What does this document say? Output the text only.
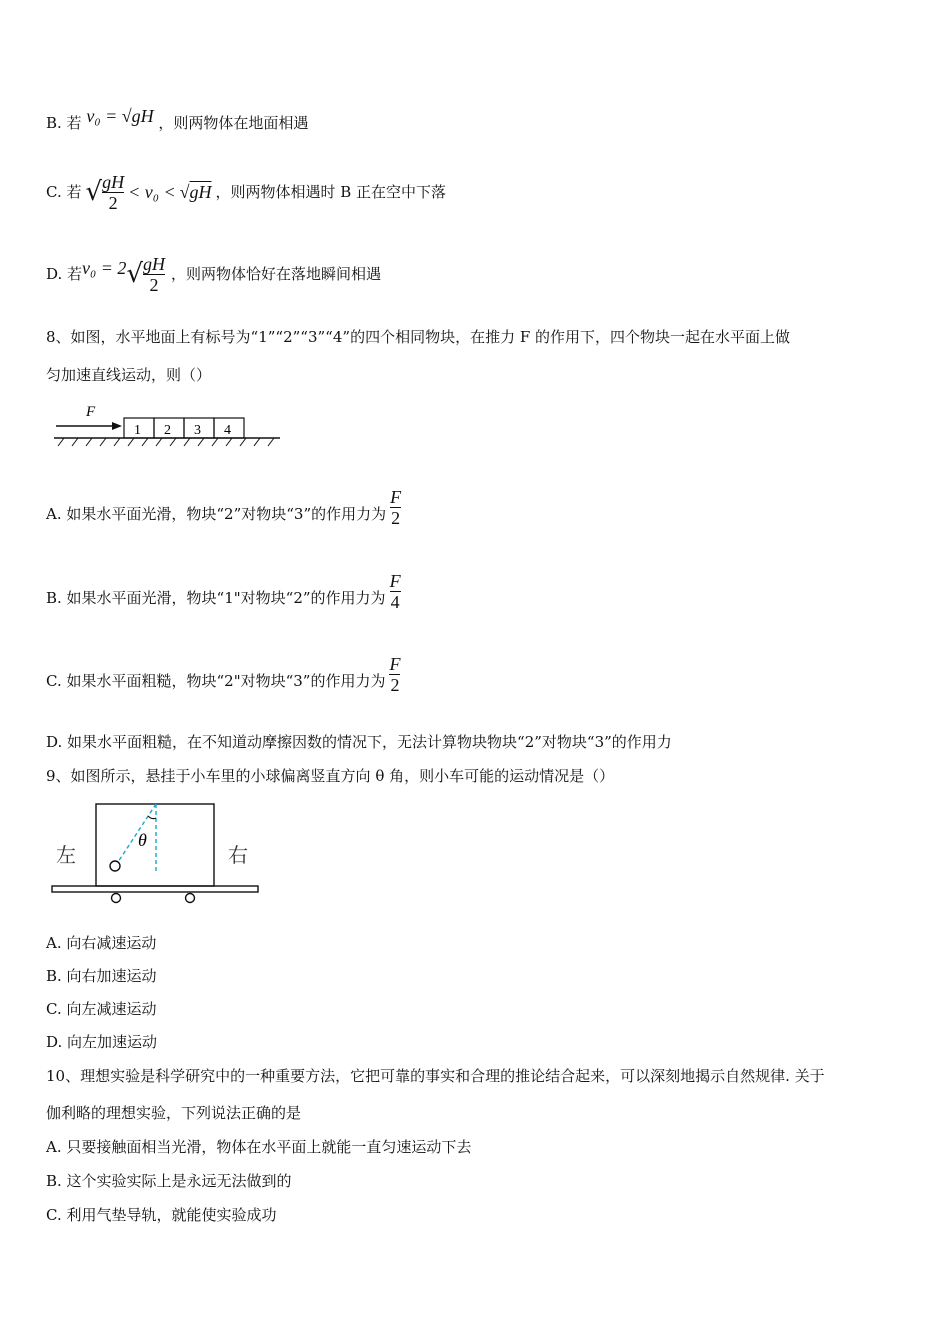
B. 若 v₀ = √gH ，则两物体在地面相遇
C. 若 √ $\frac{gH}{2} < v_0 < √gH$ ，则两物体相遇时 B 正在空中下落
D. 若 v₀ = 2 √ $\frac{gH}{2}$ ，则两物体恰好在落地瞬间相遇
8、如图，水平地面上有标号为“1”“2”“3”“4”的四个相同物块，在推力 F 的作用下，四个物块一起在水平面上做
匀加速直线运动，则（）
F
1 2 3 4
A. 如果水平面光滑，物块“2”对物块“3”的作用力为 $\frac{F}{2}$
B. 如果水平面光滑，物块“1"对物块“2”的作用力为 $\frac{F}{4}$
C. 如果水平面粗糙，物块“2"对物块“3”的作用力为 $\frac{F}{2}$
D. 如果水平面粗糙，在不知道动摩擦因数的情况下，无法计算物块物块“2”对物块“3”的作用力
9、如图所示，悬挂于小车里的小球偏离竖直方向 θ 角，则小车可能的运动情况是（）
θ
左	右
A. 向右减速运动
B. 向右加速运动
C. 向左减速运动
D. 向左加速运动
10、理想实验是科学研究中的一种重要方法，它把可靠的事实和合理的推论结合起来，可以深刻地揭示自然规律. 关于
伽利略的理想实验，下列说法正确的是
A. 只要接触面相当光滑，物体在水平面上就能一直匀速运动下去
B. 这个实验实际上是永远无法做到的
C. 利用气垫导轨，就能使实验成功
